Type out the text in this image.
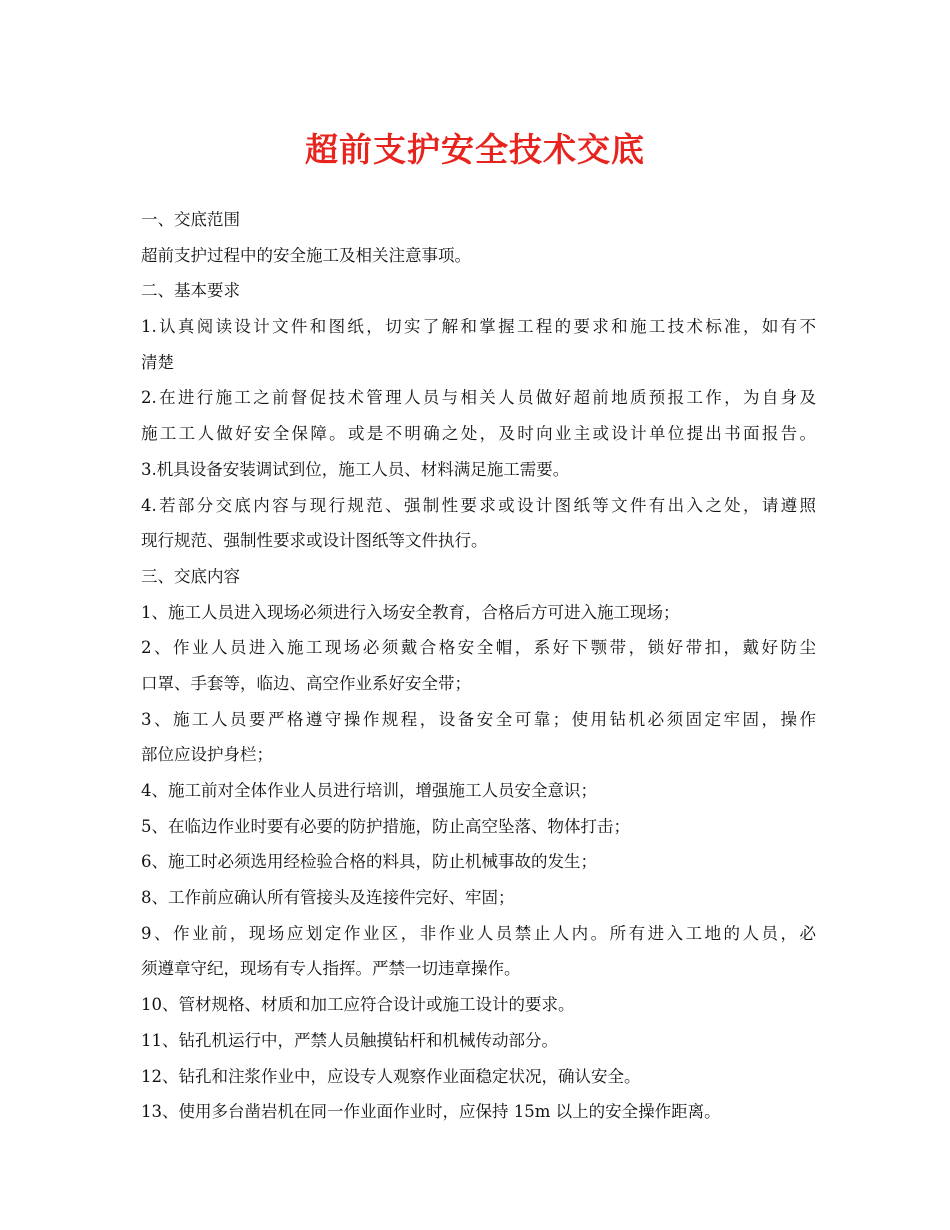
超前支护安全技术交底
一、交底范围
超前支护过程中的安全施工及相关注意事项。
二、基本要求
1.认真阅读设计文件和图纸，切实了解和掌握工程的要求和施工技术标准，如有不
清楚
2.在进行施工之前督促技术管理人员与相关人员做好超前地质预报工作，为自身及
施工工人做好安全保障。或是不明确之处，及时向业主或设计单位提出书面报告。
3.机具设备安装调试到位，施工人员、材料满足施工需要。
4.若部分交底内容与现行规范、强制性要求或设计图纸等文件有出入之处，请遵照
现行规范、强制性要求或设计图纸等文件执行。
三、交底内容
1、施工人员进入现场必须进行入场安全教育，合格后方可进入施工现场；
2、作业人员进入施工现场必须戴合格安全帽，系好下颚带，锁好带扣，戴好防尘
口罩、手套等，临边、高空作业系好安全带；
3、施工人员要严格遵守操作规程，设备安全可靠；使用钻机必须固定牢固，操作
部位应设护身栏；
4、施工前对全体作业人员进行培训，增强施工人员安全意识；
5、在临边作业时要有必要的防护措施，防止高空坠落、物体打击；
6、施工时必须选用经检验合格的料具，防止机械事故的发生；
8、工作前应确认所有管接头及连接件完好、牢固；
9、作业前，现场应划定作业区，非作业人员禁止人内。所有进入工地的人员，必
须遵章守纪，现场有专人指挥。严禁一切违章操作。
10、管材规格、材质和加工应符合设计或施工设计的要求。
11、钻孔机运行中，严禁人员触摸钻杆和机械传动部分。
12、钻孔和注浆作业中，应设专人观察作业面稳定状况，确认安全。
13、使用多台凿岩机在同一作业面作业时，应保持 15m 以上的安全操作距离。
